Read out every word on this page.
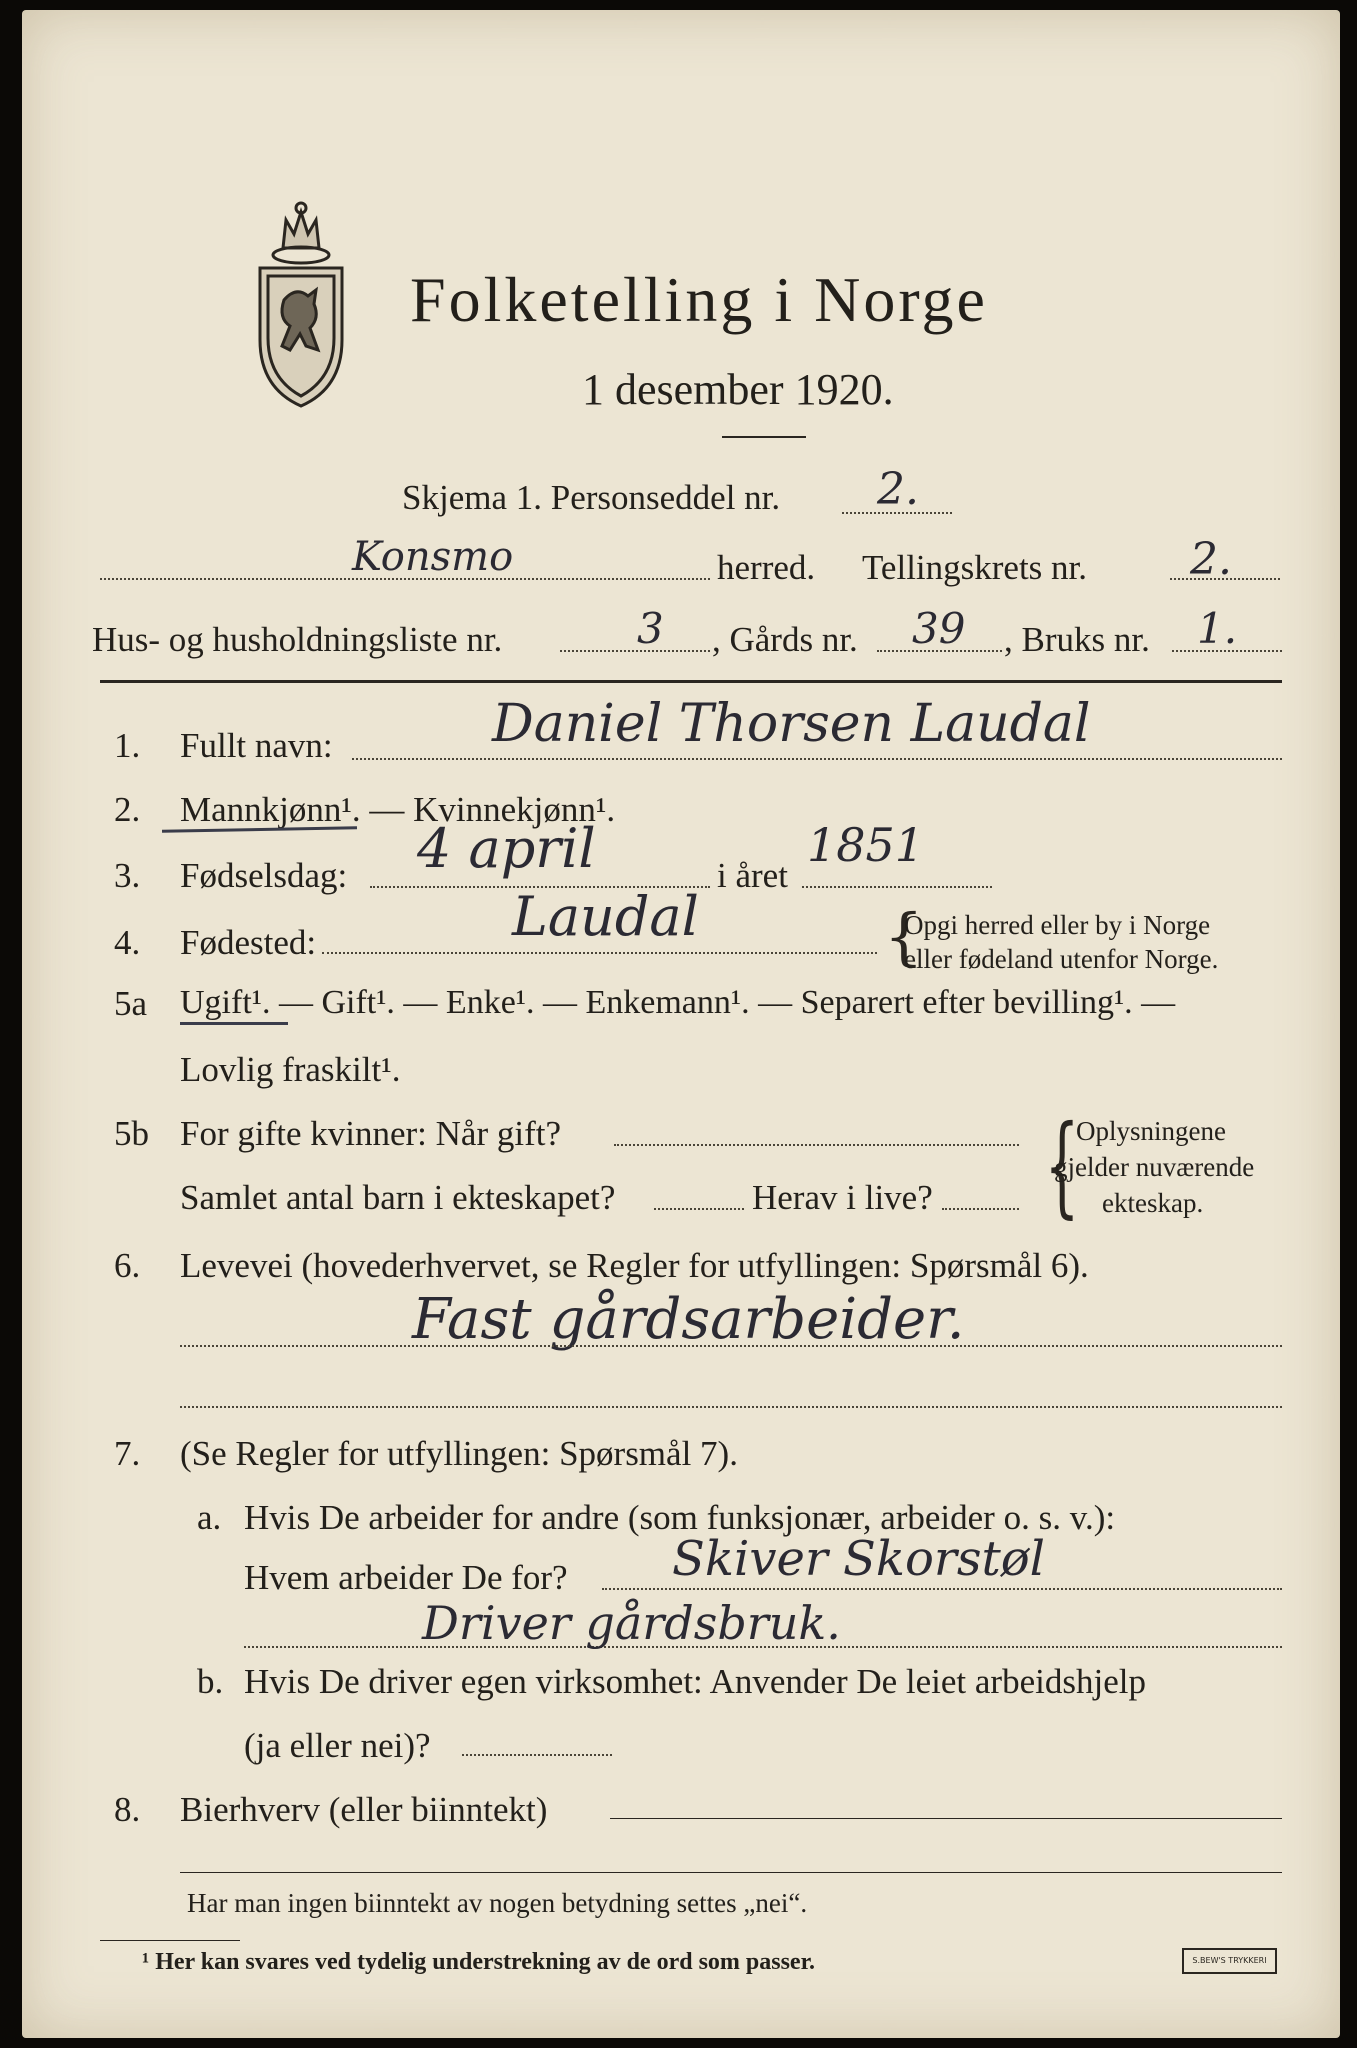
Folketelling i Norge
1 desember 1920.
Skjema 1. Personseddel nr. 2.
Konsmo	herred. Tellingskrets nr. 2.
Hus- og husholdningsliste nr.	3 , Gårds nr. 39 , Bruks nr. 1.
1. Fullt navn:	Daniel Thorsen Laudal
2. Mannkjønn¹. — Kvinnekjønn¹.
3. Fødselsdag: 4 april	i året
1851
4. Fødested:	Laudal	{
Opgi herred eller by i Norge
eller fødeland utenfor Norge.
5a Ugift¹. — Gift¹. — Enke¹. — Enkemann¹. — Separert efter bevilling¹. —
Lovlig fraskilt¹.
5b For gifte kvinner: Når gift?
Samlet antal barn i ekteskapet?	Herav i live? {
Oplysningene
gjelder nuværende
ekteskap.
6. Levevei (hovederhvervet, se Regler for utfyllingen: Spørsmål 6).
Fast gårdsarbeider.
7. (Se Regler for utfyllingen: Spørsmål 7).
a. Hvis De arbeider for andre (som funksjonær, arbeider o. s. v.):
Hvem arbeider De for? Skiver Skorstøl
Driver gårdsbruk.
b. Hvis De driver egen virksomhet: Anvender De leiet arbeidshjelp
(ja eller nei)?
8. Bierhverv (eller biinntekt)
Har man ingen biinntekt av nogen betydning settes „nei“.
¹ Her kan svares ved tydelig understrekning av de ord som passer.	S.BEW'S TRYKKERI
